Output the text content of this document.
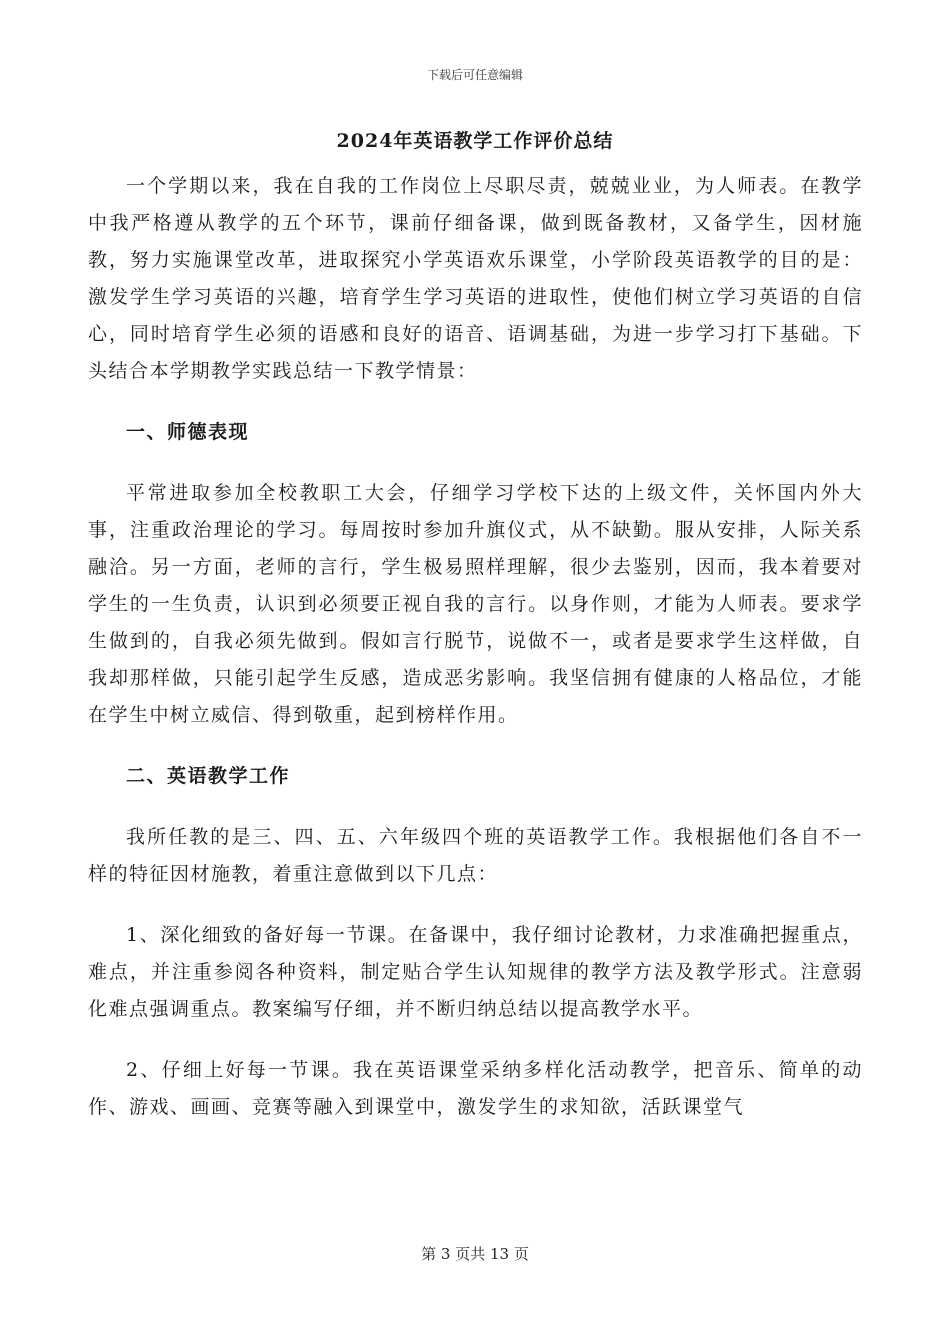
下载后可任意编辑
2024年英语教学工作评价总结

一个学期以来，我在自我的工作岗位上尽职尽责，兢兢业业，为人师表。在教学中我严格遵从教学的五个环节，课前仔细备课，做到既备教材，又备学生，因材施教，努力实施课堂改革，进取探究小学英语欢乐课堂，小学阶段英语教学的目的是：激发学生学习英语的兴趣，培育学生学习英语的进取性，使他们树立学习英语的自信心，同时培育学生必须的语感和良好的语音、语调基础，为进一步学习打下基础。下头结合本学期教学实践总结一下教学情景：

一、师德表现

平常进取参加全校教职工大会，仔细学习学校下达的上级文件，关怀国内外大事，注重政治理论的学习。每周按时参加升旗仪式，从不缺勤。服从安排，人际关系融洽。另一方面，老师的言行，学生极易照样理解，很少去鉴别，因而，我本着要对学生的一生负责，认识到必须要正视自我的言行。以身作则，才能为人师表。要求学生做到的，自我必须先做到。假如言行脱节，说做不一，或者是要求学生这样做，自我却那样做，只能引起学生反感，造成恶劣影响。我坚信拥有健康的人格品位，才能在学生中树立威信、得到敬重，起到榜样作用。

二、英语教学工作

我所任教的是三、四、五、六年级四个班的英语教学工作。我根据他们各自不一样的特征因材施教，着重注意做到以下几点：

1、深化细致的备好每一节课。在备课中，我仔细讨论教材，力求准确把握重点，难点，并注重参阅各种资料，制定贴合学生认知规律的教学方法及教学形式。注意弱化难点强调重点。教案编写仔细，并不断归纳总结以提高教学水平。

2、仔细上好每一节课。我在英语课堂采纳多样化活动教学，把音乐、简单的动作、游戏、画画、竞赛等融入到课堂中，激发学生的求知欲，活跃课堂气

第 3 页共 13 页
